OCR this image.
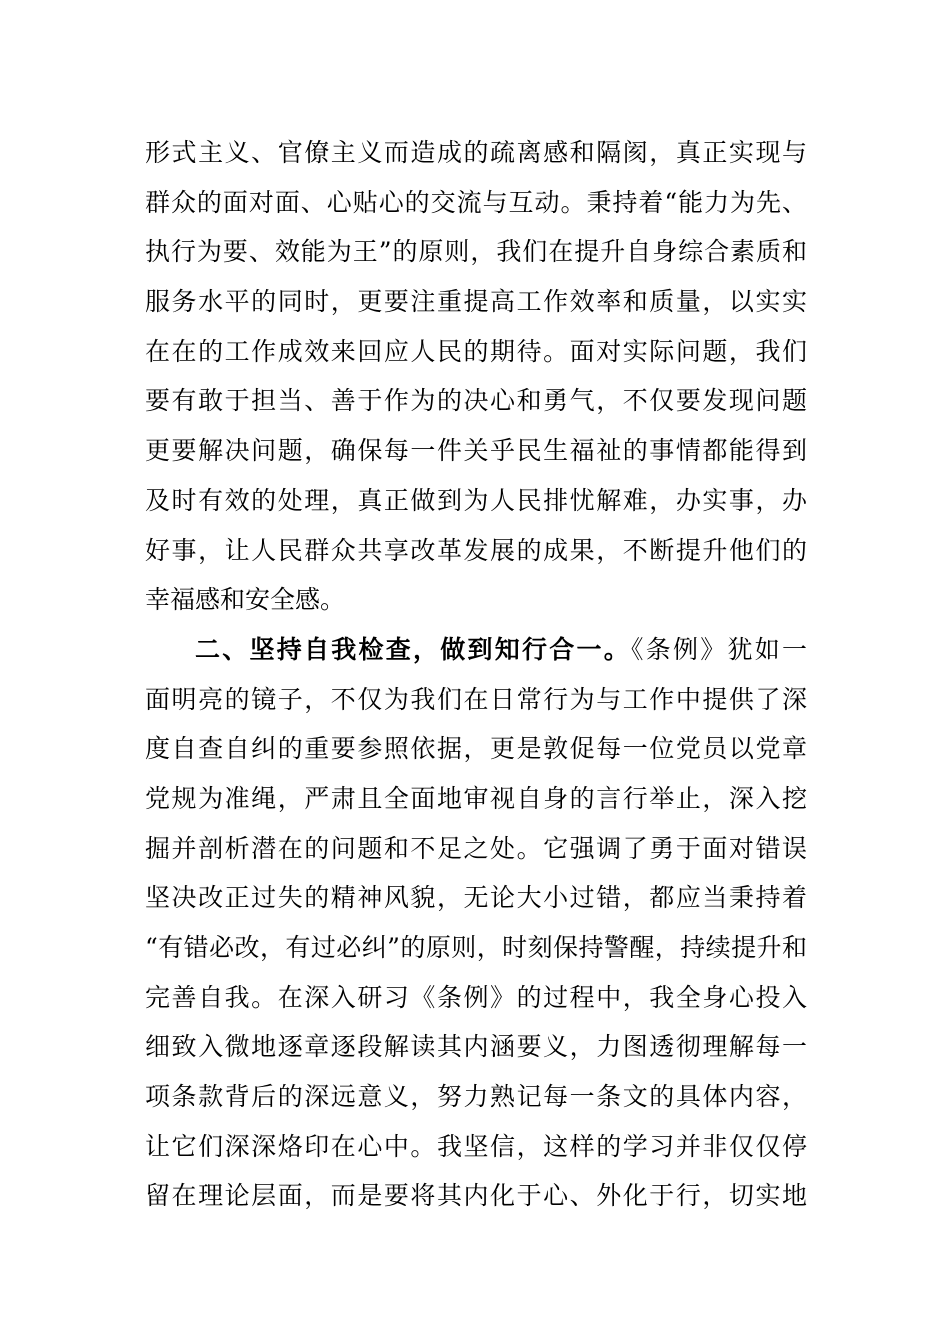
形式主义、官僚主义而造成的疏离感和隔阂，真正实现与
群众的面对面、心贴心的交流与互动。秉持着“能力为先、
执行为要、效能为王”的原则，我们在提升自身综合素质和
服务水平的同时，更要注重提高工作效率和质量，以实实
在在的工作成效来回应人民的期待。面对实际问题，我们
要有敢于担当、善于作为的决心和勇气，不仅要发现问题
更要解决问题，确保每一件关乎民生福祉的事情都能得到
及时有效的处理，真正做到为人民排忧解难，办实事，办
好事，让人民群众共享改革发展的成果，不断提升他们的
幸福感和安全感。
二、坚持自我检查，做到知行合一。《条例》犹如一
面明亮的镜子，不仅为我们在日常行为与工作中提供了深
度自查自纠的重要参照依据，更是敦促每一位党员以党章
党规为准绳，严肃且全面地审视自身的言行举止，深入挖
掘并剖析潜在的问题和不足之处。它强调了勇于面对错误
坚决改正过失的精神风貌，无论大小过错，都应当秉持着
“有错必改，有过必纠”的原则，时刻保持警醒，持续提升和
完善自我。在深入研习《条例》的过程中，我全身心投入
细致入微地逐章逐段解读其内涵要义，力图透彻理解每一
项条款背后的深远意义，努力熟记每一条文的具体内容，
让它们深深烙印在心中。我坚信，这样的学习并非仅仅停
留在理论层面，而是要将其内化于心、外化于行，切实地
